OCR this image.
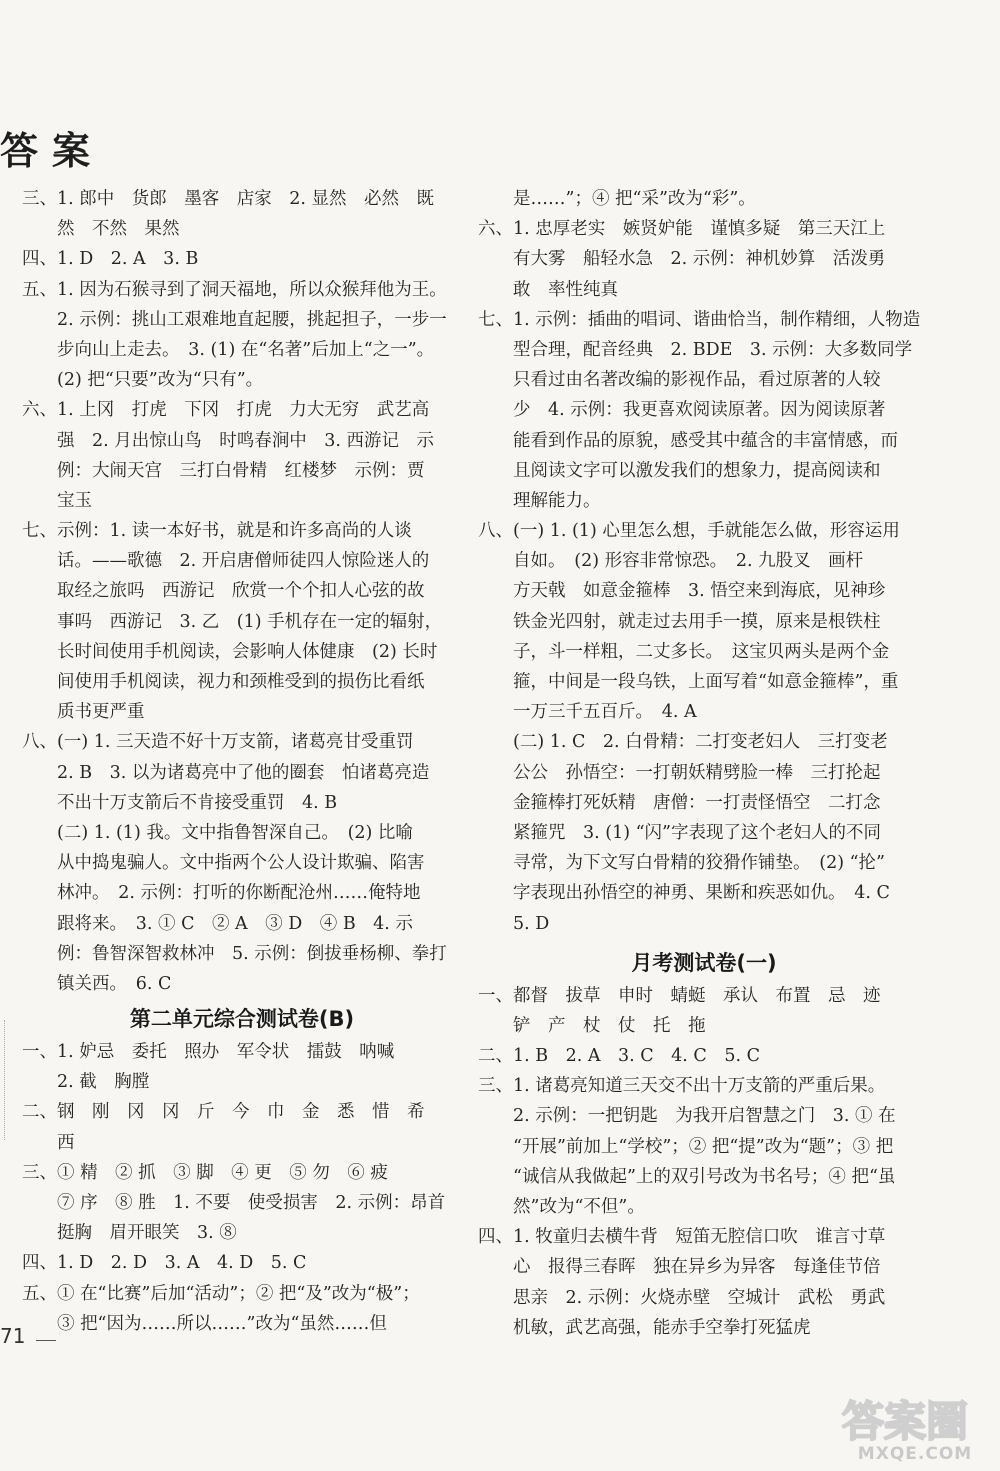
答案
三、1. 郎中　货郎　墨客　店家　2. 显然　必然　既
　　然　不然　果然
四、1. D　2. A　3. B
五、1. 因为石猴寻到了洞天福地，所以众猴拜他为王。
　　2. 示例：挑山工艰难地直起腰，挑起担子，一步一
　　步向山上走去。　3. (1) 在“名著”后加上“之一”。
　　(2) 把“只要”改为“只有”。
六、1. 上冈　打虎　下冈　打虎　力大无穷　武艺高
　　强　2. 月出惊山鸟　时鸣春涧中　3. 西游记　示
　　例：大闹天宫　三打白骨精　红楼梦　示例：贾
　　宝玉
七、示例：1. 读一本好书，就是和许多高尚的人谈
　　话。——歌德　2. 开启唐僧师徒四人惊险迷人的
　　取经之旅吗　西游记　欣赏一个个扣人心弦的故
　　事吗　西游记　3. 乙　(1) 手机存在一定的辐射，
　　长时间使用手机阅读，会影响人体健康　(2) 长时
　　间使用手机阅读，视力和颈椎受到的损伤比看纸
　　质书更严重
八、(一) 1. 三天造不好十万支箭，诸葛亮甘受重罚
　　2. B　3. 以为诸葛亮中了他的圈套　怕诸葛亮造
　　不出十万支箭后不肯接受重罚　4. B
　　(二) 1. (1) 我。文中指鲁智深自己。　(2) 比喻
　　从中捣鬼骗人。文中指两个公人设计欺骗、陷害
　　林冲。　2. 示例：打听的你断配沧州……俺特地
　　跟将来。　3. ① C　② A　③ D　④ B　4. 示
　　例：鲁智深智救林冲　5. 示例：倒拔垂杨柳、拳打
　　镇关西。　6. C
第二单元综合测试卷(B)
一、1. 妒忌　委托　照办　军令状　擂鼓　呐喊
　　2. 截　胸膛
二、钢　刚　冈　冈　斤　今　巾　金　悉　惜　希
　　西
三、① 精　② 抓　③ 脚　④ 更　⑤ 勿　⑥ 疲
　　⑦ 序　⑧ 胜　1. 不要　使受损害　2. 示例：昂首
　　挺胸　眉开眼笑　3. ⑧
四、1. D　2. D　3. A　4. D　5. C
五、① 在“比赛”后加“活动”；② 把“及”改为“极”；
　　③ 把“因为……所以……”改为“虽然……但
　　是……”；④ 把“采”改为“彩”。
六、1. 忠厚老实　嫉贤妒能　谨慎多疑　第三天江上
　　有大雾　船轻水急　2. 示例：神机妙算　活泼勇
　　敢　率性纯真
七、1. 示例：插曲的唱词、谐曲恰当，制作精细，人物造
　　型合理，配音经典　2. BDE　3. 示例：大多数同学
　　只看过由名著改编的影视作品，看过原著的人较
　　少　4. 示例：我更喜欢阅读原著。因为阅读原著
　　能看到作品的原貌，感受其中蕴含的丰富情感，而
　　且阅读文字可以激发我们的想象力，提高阅读和
　　理解能力。
八、(一) 1. (1) 心里怎么想，手就能怎么做，形容运用
　　自如。　(2) 形容非常惊恐。　2. 九股叉　画杆
　　方天戟　如意金箍棒　3. 悟空来到海底，见神珍
　　铁金光四射，就走过去用手一摸，原来是根铁柱
　　子，斗一样粗，二丈多长。　这宝贝两头是两个金
　　箍，中间是一段乌铁，上面写着“如意金箍棒”，重
　　一万三千五百斤。　4. A
　　(二) 1. C　2. 白骨精：二打变老妇人　三打变老
　　公公　孙悟空：一打朝妖精劈脸一棒　三打抡起
　　金箍棒打死妖精　唐僧：一打责怪悟空　二打念
　　紧箍咒　3. (1) “闪”字表现了这个老妇人的不同
　　寻常，为下文写白骨精的狡猾作铺垫。　(2) “抡”
　　字表现出孙悟空的神勇、果断和疾恶如仇。　4. C
　　5. D
月考测试卷(一)
一、都督　拔草　申时　蜻蜓　承认　布置　忌　迹
　　铲　产　杖　仗　托　拖
二、1. B　2. A　3. C　4. C　5. C
三、1. 诸葛亮知道三天交不出十万支箭的严重后果。
　　2. 示例：一把钥匙　为我开启智慧之门　3. ① 在
　　“开展”前加上“学校”；② 把“提”改为“题”；③ 把
　　“诚信从我做起”上的双引号改为书名号；④ 把“虽
　　然”改为“不但”。
四、1. 牧童归去横牛背　短笛无腔信口吹　谁言寸草
　　心　报得三春晖　独在异乡为异客　每逢佳节倍
　　思亲　2. 示例：火烧赤壁　空城计　武松　勇武
　　机敏，武艺高强，能赤手空拳打死猛虎
71
答案圈
MXQE.COM
